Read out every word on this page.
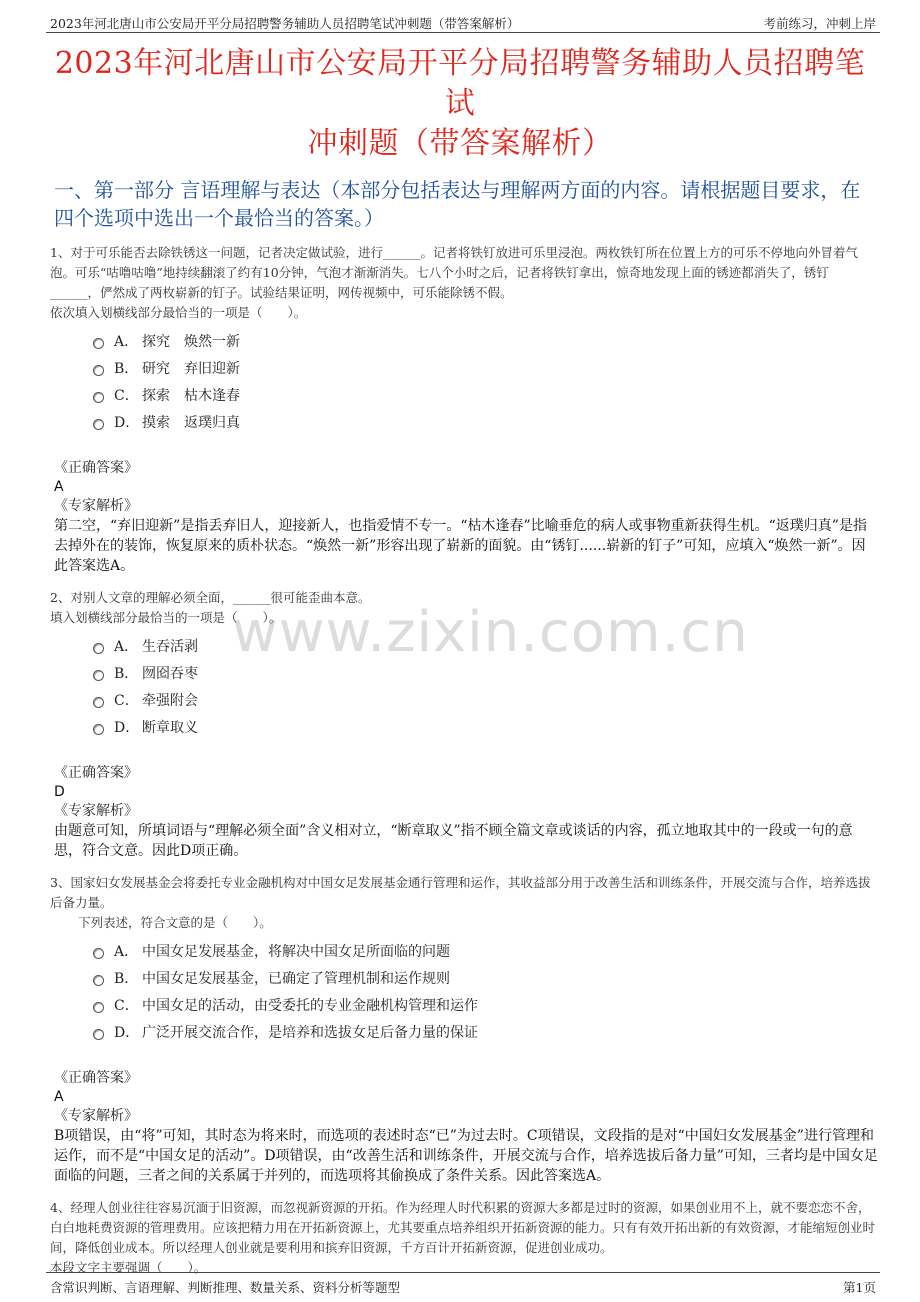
2023年河北唐山市公安局开平分局招聘警务辅助人员招聘笔试冲刺题（带答案解析）	考前练习，冲刺上岸
2023年河北唐山市公安局开平分局招聘警务辅助人员招聘笔试
冲刺题（带答案解析）
一、第一部分 言语理解与表达（本部分包括表达与理解两方面的内容。请根据题目要求，在四个选项中选出一个最恰当的答案。）
www.zixin.com.cn

1、对于可乐能否去除铁锈这一问题，记者决定做试验，进行______。记者将铁钉放进可乐里浸泡。两枚铁钉所在位置上方的可乐不停地向外冒着气泡。可乐“咕噜咕噜”地持续翻滚了约有10分钟，气泡才渐渐消失。七八个小时之后，记者将铁钉拿出，惊奇地发现上面的锈迹都消失了，锈钉______，俨然成了两枚崭新的钉子。试验结果证明，网传视频中，可乐能除锈不假。

依次填入划横线部分最恰当的一项是（　　）。

A． 探究　焕然一新
B． 研究　弃旧迎新
C． 探索　枯木逢春
D． 摸索　返璞归真
《正确答案》
A
《专家解析》

第二空，“弃旧迎新”是指丢弃旧人，迎接新人，也指爱情不专一。“枯木逢春”比喻垂危的病人或事物重新获得生机。“返璞归真”是指去掉外在的装饰，恢复原来的质朴状态。“焕然一新”形容出现了崭新的面貌。由“锈钉......崭新的钉子”可知，应填入“焕然一新”。因此答案选A。

2、对别人文章的理解必须全面，______很可能歪曲本意。

填入划横线部分最恰当的一项是（　　）。

A． 生吞活剥
B． 囫囵吞枣
C． 牵强附会
D． 断章取义
《正确答案》
D
《专家解析》

由题意可知，所填词语与“理解必须全面”含义相对立，“断章取义”指不顾全篇文章或谈话的内容，孤立地取其中的一段或一句的意思，符合文意。因此D项正确。

3、国家妇女发展基金会将委托专业金融机构对中国女足发展基金通行管理和运作，其收益部分用于改善生活和训练条件，开展交流与合作，培养选拔后备力量。

下列表述，符合文意的是（　　）。

A． 中国女足发展基金，将解决中国女足所面临的问题
B． 中国女足发展基金，已确定了管理机制和运作规则
C． 中国女足的活动，由受委托的专业金融机构管理和运作
D． 广泛开展交流合作，是培养和选拔女足后备力量的保证
《正确答案》
A
《专家解析》

B项错误，由“将”可知，其时态为将来时，而选项的表述时态“已”为过去时。C项错误，文段指的是对“中国妇女发展基金”进行管理和运作，而不是“中国女足的活动”。D项错误，由“改善生活和训练条件，开展交流与合作，培养选拔后备力量”可知，三者均是中国女足面临的问题，三者之间的关系属于并列的，而选项将其偷换成了条件关系。因此答案选A。

4、经理人创业往往容易沉湎于旧资源，而忽视新资源的开拓。作为经理人时代积累的资源大多都是过时的资源，如果创业用不上，就不要恋恋不舍，白白地耗费资源的管理费用。应该把精力用在开拓新资源上，尤其要重点培养组织开拓新资源的能力。只有有效开拓出新的有效资源，才能缩短创业时间，降低创业成本。所以经理人创业就是要利用和摈弃旧资源，千方百计开拓新资源，促进创业成功。

本段文字主要强调（　　）。

含常识判断、言语理解、判断推理、数量关系、资料分析等题型	第1页
